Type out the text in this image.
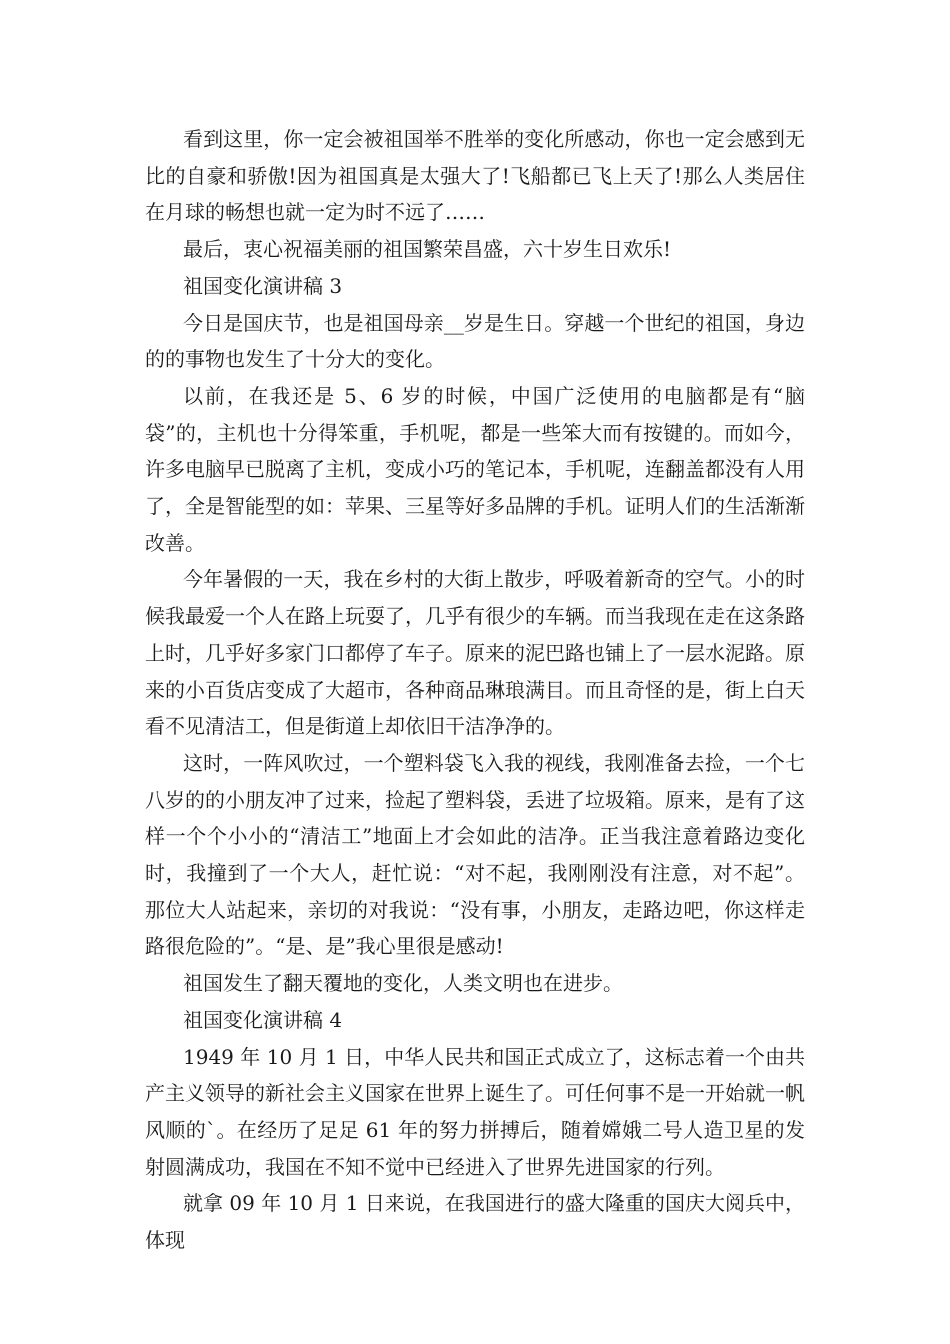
看到这里，你一定会被祖国举不胜举的变化所感动，你也一定会感到无比的自豪和骄傲!因为祖国真是太强大了!飞船都已飞上天了!那么人类居住在月球的畅想也就一定为时不远了……

最后，衷心祝福美丽的祖国繁荣昌盛，六十岁生日欢乐!

祖国变化演讲稿 3

今日是国庆节，也是祖国母亲__岁是生日。穿越一个世纪的祖国，身边的的事物也发生了十分大的变化。

以前，在我还是 5、6 岁的时候，中国广泛使用的电脑都是有“脑袋”的，主机也十分得笨重，手机呢，都是一些笨大而有按键的。而如今，许多电脑早已脱离了主机，变成小巧的笔记本，手机呢，连翻盖都没有人用了，全是智能型的如：苹果、三星等好多品牌的手机。证明人们的生活渐渐改善。

今年暑假的一天，我在乡村的大街上散步，呼吸着新奇的空气。小的时候我最爱一个人在路上玩耍了，几乎有很少的车辆。而当我现在走在这条路上时，几乎好多家门口都停了车子。原来的泥巴路也铺上了一层水泥路。原来的小百货店变成了大超市，各种商品琳琅满目。而且奇怪的是，街上白天看不见清洁工，但是街道上却依旧干洁净净的。

这时，一阵风吹过，一个塑料袋飞入我的视线，我刚准备去捡，一个七八岁的的小朋友冲了过来，捡起了塑料袋，丢进了垃圾箱。原来，是有了这样一个个小小的“清洁工”地面上才会如此的洁净。正当我注意着路边变化时，我撞到了一个大人，赶忙说：“对不起，我刚刚没有注意，对不起”。那位大人站起来，亲切的对我说：“没有事，小朋友，走路边吧，你这样走路很危险的”。“是、是”我心里很是感动!

祖国发生了翻天覆地的变化，人类文明也在进步。

祖国变化演讲稿 4

1949 年 10 月 1 日，中华人民共和国正式成立了，这标志着一个由共产主义领导的新社会主义国家在世界上诞生了。可任何事不是一开始就一帆风顺的`。在经历了足足 61 年的努力拼搏后，随着嫦娥二号人造卫星的发射圆满成功，我国在不知不觉中已经进入了世界先进国家的行列。

就拿 09 年 10 月 1 日来说，在我国进行的盛大隆重的国庆大阅兵中，体现
